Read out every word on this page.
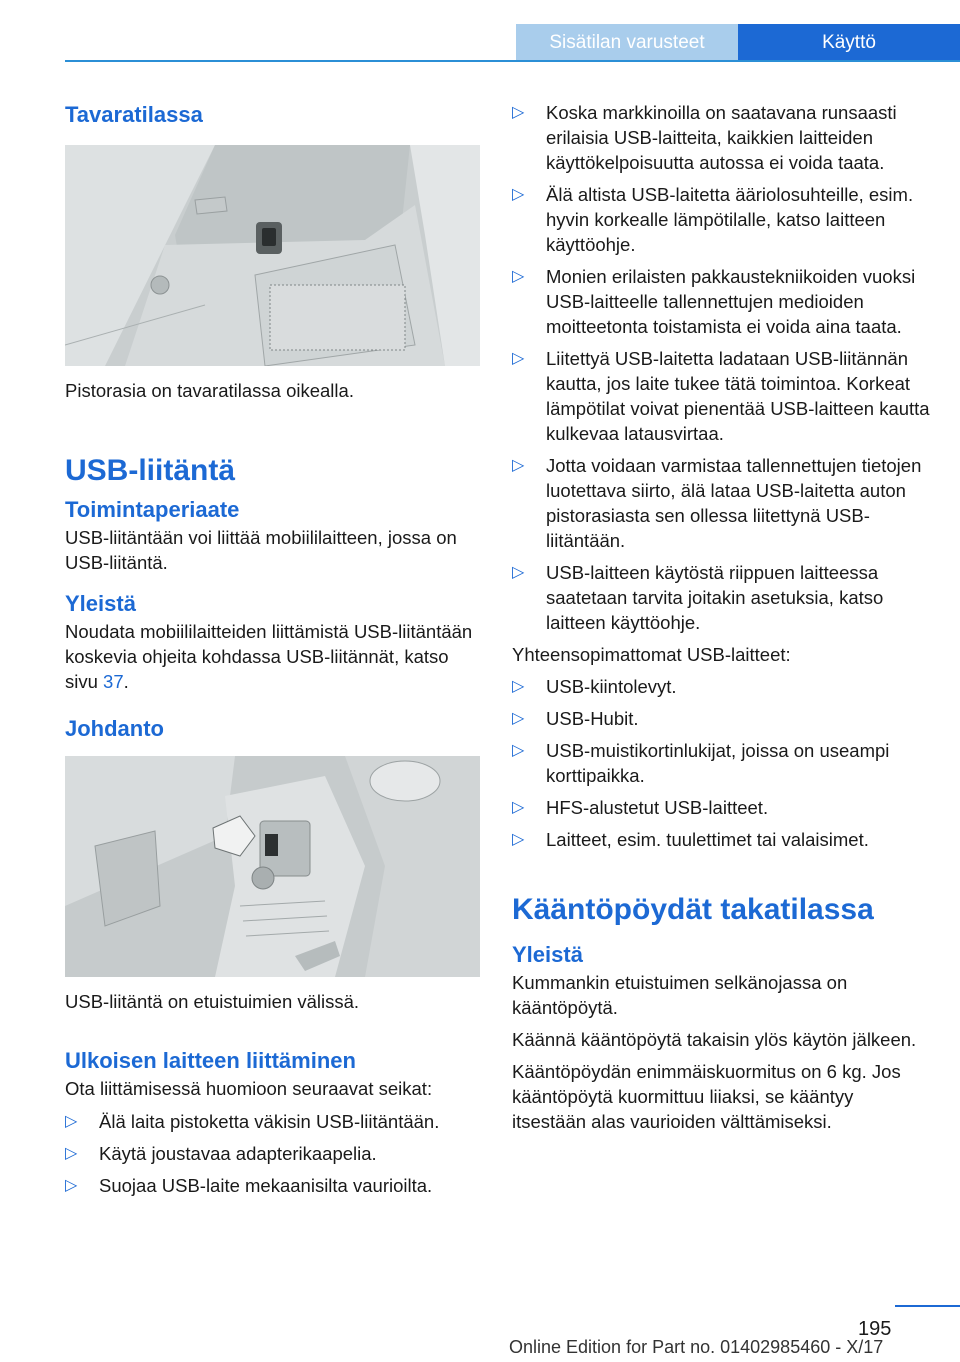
Sisätilan varusteet	Käyttö
Tavaratilassa

Pistorasia on tavaratilassa oikealla.

USB-liitäntä
Toimintaperiaate

USB-liitäntään voi liittää mobiililaitteen, jossa on USB-liitäntä.

Yleistä

Noudata mobiililaitteiden liittämistä USB-liitäntään koskevia ohjeita kohdassa USB-liitännät, katso sivu 37.

Johdanto

USB-liitäntä on etuistuimien välissä.

Ulkoisen laitteen liittäminen

Ota liittämisessä huomioon seuraavat seikat:

▷ Älä laita pistoketta väkisin USB-liitäntään.
▷ Käytä joustavaa adapterikaapelia.
▷ Suojaa USB-laite mekaanisilta vaurioilta.
▷ Koska markkinoilla on saatavana runsaasti erilaisia USB-laitteita, kaikkien laitteiden käyttökelpoisuutta autossa ei voida taata.
▷ Älä altista USB-laitetta ääriolosuhteille, esim. hyvin korkealle lämpötilalle, katso laitteen käyttöohje.
▷ Monien erilaisten pakkaustekniikoiden vuoksi USB-laitteelle tallennettujen medioiden moitteetonta toistamista ei voida aina taata.
▷ Liitettyä USB-laitetta ladataan USB-liitännän kautta, jos laite tukee tätä toimintoa. Korkeat lämpötilat voivat pienentää USB-laitteen kautta kulkevaa latausvirtaa.
▷ Jotta voidaan varmistaa tallennettujen tietojen luotettava siirto, älä lataa USB-laitetta auton pistorasiasta sen ollessa liitettynä USB-liitäntään.
▷ USB-laitteen käytöstä riippuen laitteessa saatetaan tarvita joitakin asetuksia, katso laitteen käyttöohje.

Yhteensopimattomat USB-laitteet:

▷ USB-kiintolevyt.
▷ USB-Hubit.
▷ USB-muistikortinlukijat, joissa on useampi korttipaikka.
▷ HFS-alustetut USB-laitteet.
▷ Laitteet, esim. tuulettimet tai valaisimet.
Kääntöpöydät takatilassa
Yleistä

Kummankin etuistuimen selkänojassa on kääntöpöytä.

Käännä kääntöpöytä takaisin ylös käytön jälkeen.

Kääntöpöydän enimmäiskuormitus on 6 kg. Jos kääntöpöytä kuormittuu liiaksi, se kääntyy itsestään alas vaurioiden välttämiseksi.

195
Online Edition for Part no. 01402985460 - X/17
